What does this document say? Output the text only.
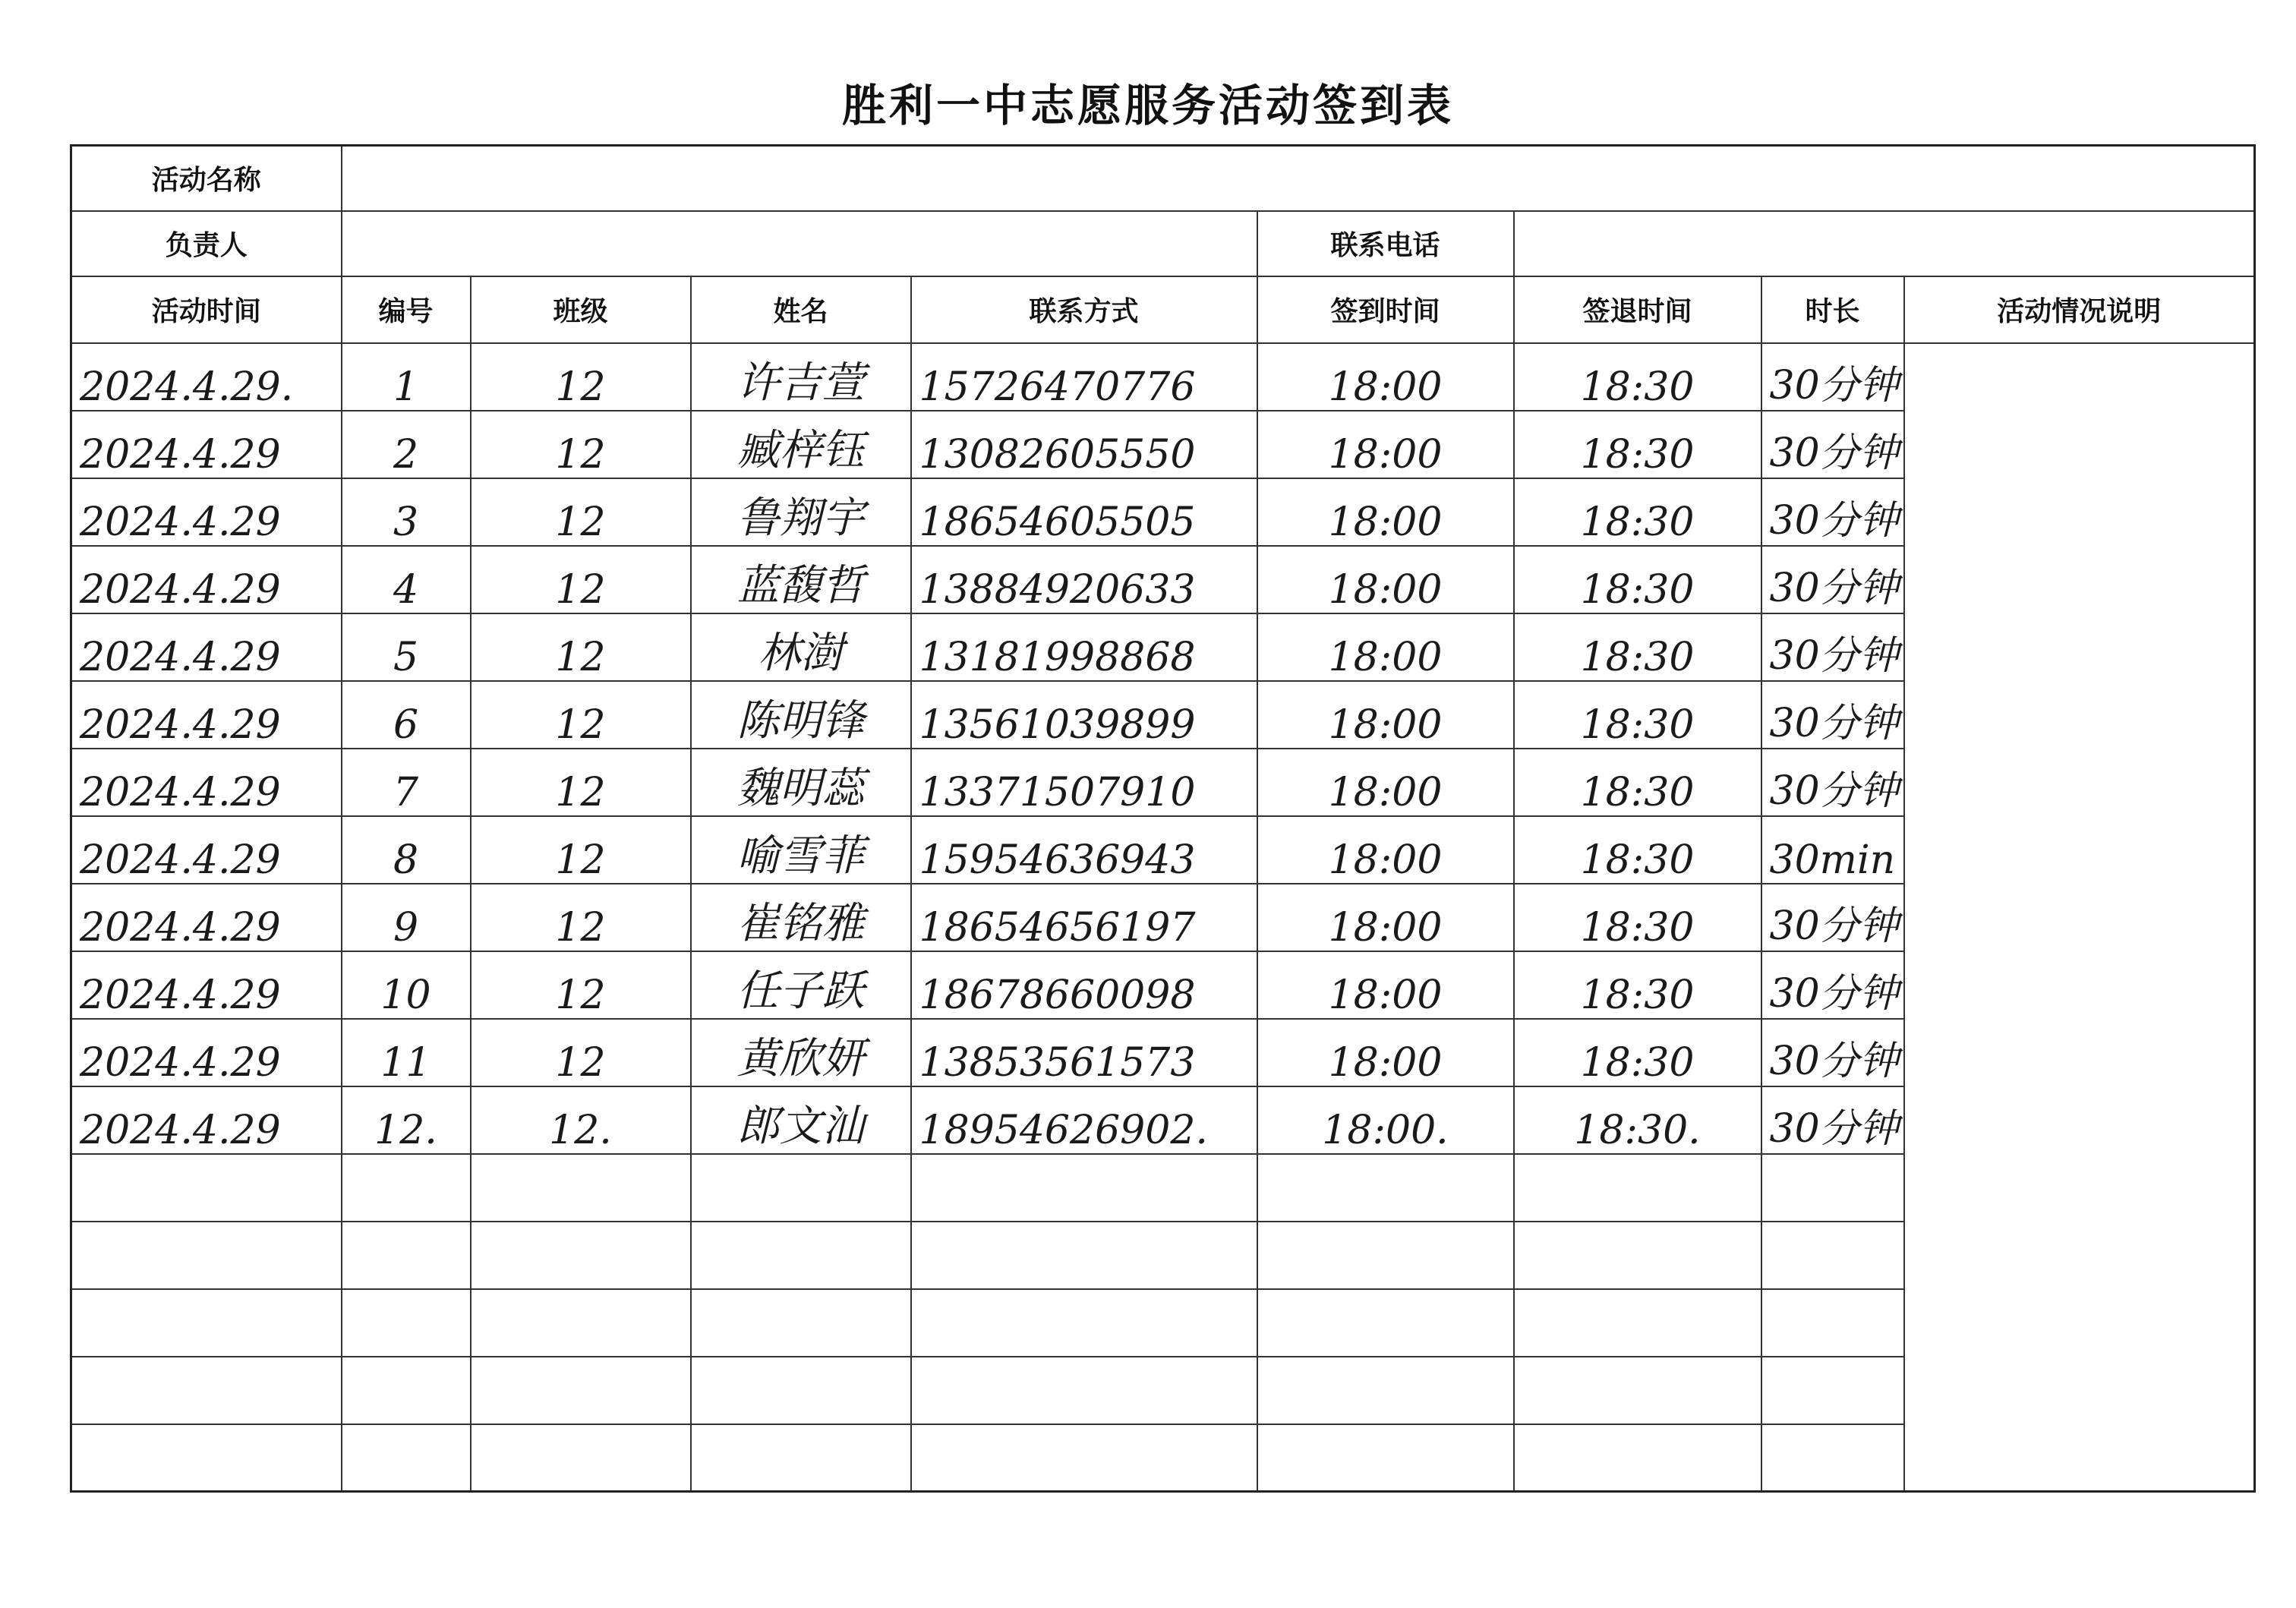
胜利一中志愿服务活动签到表
活动名称								
负责人					联系电话			
活动时间	编号	班级	姓名	联系方式	签到时间	签退时间	时长	活动情况说明
2024.4.29.	1	12	许吉萱	15726470776	18:00	18:30	30分钟	
2024.4.29	2	12	臧梓钰	13082605550	18:00	18:30	30分钟	
2024.4.29	3	12	鲁翔宇	18654605505	18:00	18:30	30分钟	
2024.4.29	4	12	蓝馥哲	13884920633	18:00	18:30	30分钟	
2024.4.29	5	12	林澍	13181998868	18:00	18:30	30分钟	
2024.4.29	6	12	陈明锋	13561039899	18:00	18:30	30分钟	
2024.4.29	7	12	魏明蕊	13371507910	18:00	18:30	30分钟	
2024.4.29	8	12	喻雪菲	15954636943	18:00	18:30	30min	
2024.4.29	9	12	崔铭雅	18654656197	18:00	18:30	30分钟	
2024.4.29	10	12	任子跃	18678660098	18:00	18:30	30分钟	
2024.4.29	11	12	黄欣妍	13853561573	18:00	18:30	30分钟	
2024.4.29	12.	12.	郎文汕	18954626902.	18:00.	18:30.	30分钟	
